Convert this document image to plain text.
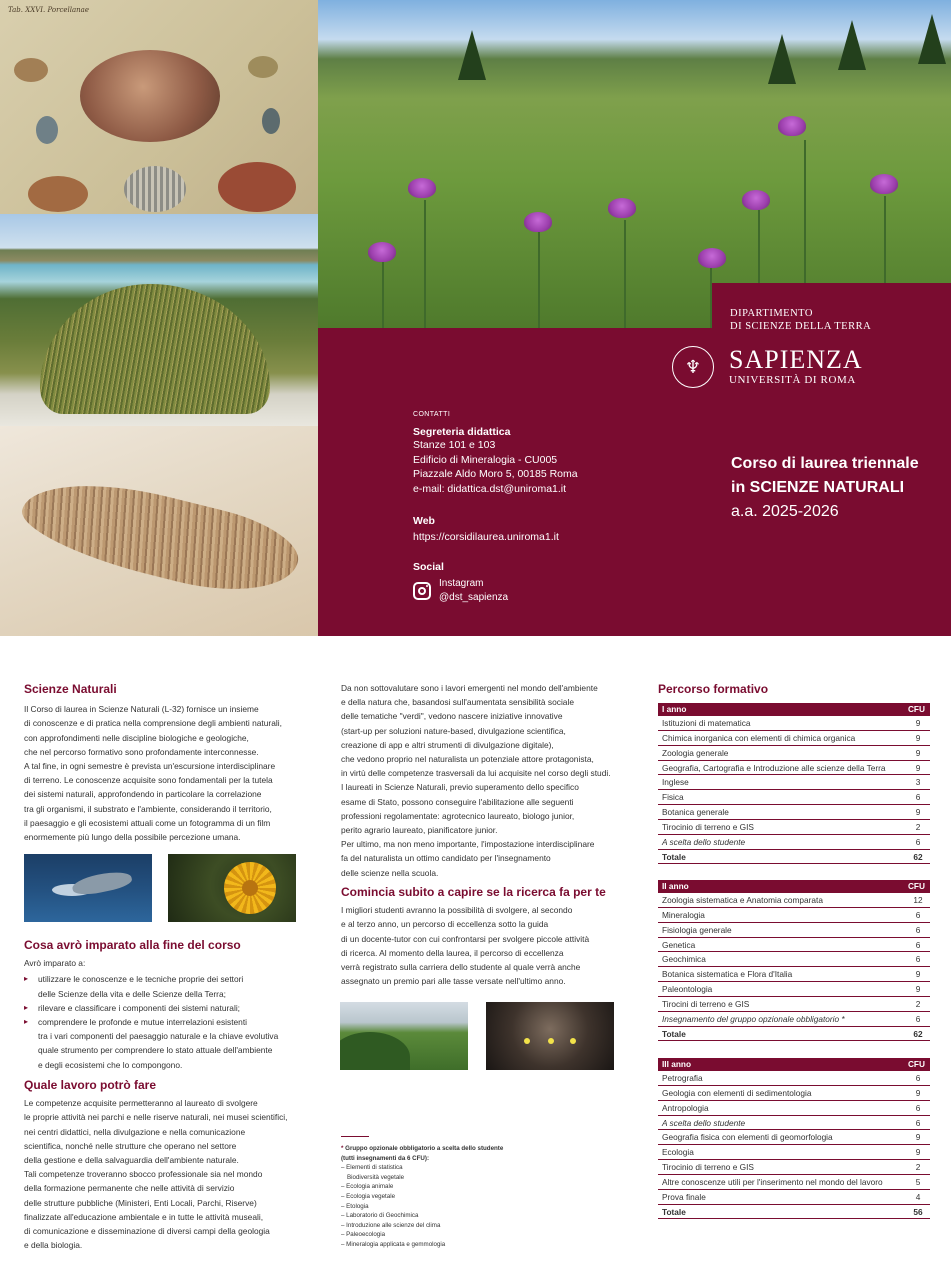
Tab. XXVI. Porcellanae
DIPARTIMENTO
DI SCIENZE DELLA TERRA
♆	SAPIENZA
UNIVERSITÀ DI ROMA
CONTATTI
Segreteria didattica

Stanze 101 e 103

Edificio di Mineralogia - CU005

Piazzale Aldo Moro 5, 00185 Roma

e-mail: didattica.dst@uniroma1.it

Web

https://corsidilaurea.uniroma1.it

Social
Instagram
@dst_sapienza
Corso di laurea triennale
in SCIENZE NATURALI
a.a. 2025-2026
Scienze Naturali
Il Corso di laurea in Scienze Naturali (L-32) fornisce un insieme
di conoscenze e di pratica nella comprensione degli ambienti naturali,
con approfondimenti nelle discipline biologiche e geologiche,
che nel percorso formativo sono profondamente interconnesse.
A tal fine, in ogni semestre è prevista un'escursione interdisciplinare
di terreno. Le conoscenze acquisite sono fondamentali per la tutela
dei sistemi naturali, approfondendo in particolare la correlazione
tra gli organismi, il substrato e l'ambiente, considerando il territorio,
il paesaggio e gli ecosistemi attuali come un fotogramma di un film
enormemente più lungo della possibile percezione umana.
Cosa avrò imparato alla fine del corso
Avrò imparato a:
▸ utilizzare le conoscenze e le tecniche proprie dei settori
delle Scienze della vita e delle Scienze della Terra;
▸ rilevare e classificare i componenti dei sistemi naturali;
▸ comprendere le profonde e mutue interrelazioni esistenti
tra i vari componenti del paesaggio naturale e la chiave evolutiva
quale strumento per comprendere lo stato attuale dell'ambiente
e degli ecosistemi che lo compongono.
Quale lavoro potrò fare
Le competenze acquisite permetteranno al laureato di svolgere
le proprie attività nei parchi e nelle riserve naturali, nei musei scientifici,
nei centri didattici, nella divulgazione e nella comunicazione
scientifica, nonché nelle strutture che operano nel settore
della gestione e della salvaguardia dell'ambiente naturale.
Tali competenze troveranno sbocco professionale sia nel mondo
della formazione permanente che nelle attività di servizio
delle strutture pubbliche (Ministeri, Enti Locali, Parchi, Riserve)
finalizzate all'educazione ambientale e in tutte le attività museali,
di comunicazione e disseminazione di diversi campi della geologia
e della biologia.
Da non sottovalutare sono i lavori emergenti nel mondo dell'ambiente
e della natura che, basandosi sull'aumentata sensibilità sociale
delle tematiche "verdi", vedono nascere iniziative innovative
(start-up per soluzioni nature-based, divulgazione scientifica,
creazione di app e altri strumenti di divulgazione digitale),
che vedono proprio nel naturalista un potenziale attore protagonista,
in virtù delle competenze trasversali da lui acquisite nel corso degli studi.
I laureati in Scienze Naturali, previo superamento dello specifico
esame di Stato, possono conseguire l'abilitazione alle seguenti
professioni regolamentate: agrotecnico laureato, biologo junior,
perito agrario laureato, pianificatore junior.
Per ultimo, ma non meno importante, l'impostazione interdisciplinare
fa del naturalista un ottimo candidato per l'insegnamento
delle scienze nella scuola.
Comincia subito a capire se la ricerca fa per te
I migliori studenti avranno la possibilità di svolgere, al secondo
e al terzo anno, un percorso di eccellenza sotto la guida
di un docente-tutor con cui confrontarsi per svolgere piccole attività
di ricerca. Al momento della laurea, il percorso di eccellenza
verrà registrato sulla carriera dello studente al quale verrà anche
assegnato un premio pari alle tasse versate nell'ultimo anno.
* Gruppo opzionale obbligatorio a scelta dello studente
(tutti insegnamenti da 6 CFU):
– Elementi di statistica
Biodiversità vegetale
– Ecologia animale
– Ecologia vegetale
– Etologia
– Laboratorio di Geochimica
– Introduzione alle scienze del clima
– Paleoecologia
– Mineralogia applicata e gemmologia
Percorso formativo
I anno	CFU
Istituzioni di matematica	9
Chimica inorganica con elementi di chimica organica	9
Zoologia generale	9
Geografia, Cartografia e Introduzione alle scienze della Terra	9
Inglese	3
Fisica	6
Botanica generale	9
Tirocinio di terreno e GIS	2
A scelta dello studente	6
Totale	62
II anno	CFU
Zoologia sistematica e Anatomia comparata	12
Mineralogia	6
Fisiologia generale	6
Genetica	6
Geochimica	6
Botanica sistematica e Flora d'Italia	9
Paleontologia	9
Tirocini di terreno e GIS	2
Insegnamento del gruppo opzionale obbligatorio *	6
Totale	62
III anno	CFU
Petrografia	6
Geologia con elementi di sedimentologia	9
Antropologia	6
A scelta dello studente	6
Geografia fisica con elementi di geomorfologia	9
Ecologia	9
Tirocinio di terreno e GIS	2
Altre conoscenze utili per l'inserimento nel mondo del lavoro	5
Prova finale	4
Totale	56
